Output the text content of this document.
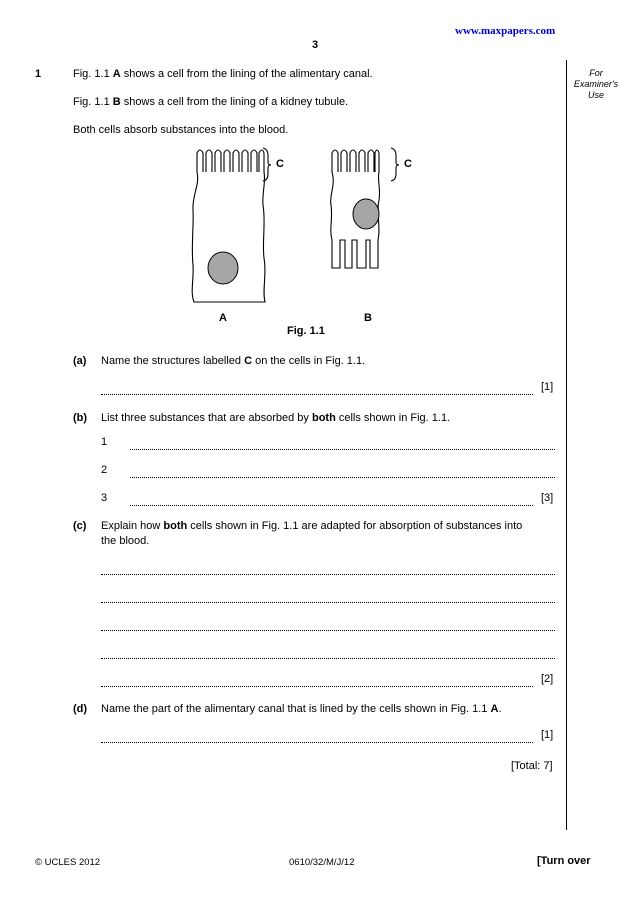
www.maxpapers.com
3
For
Examiner's
Use
1	Fig. 1.1 A shows a cell from the lining of the alimentary canal.
Fig. 1.1 B shows a cell from the lining of a kidney tubule.
Both cells absorb substances into the blood.
C	C
A	B
Fig. 1.1
(a) Name the structures labelled C on the cells in Fig. 1.1.
[1]
(b) List three substances that are absorbed by both cells shown in Fig. 1.1.
1
2
3	[3]
(c) Explain how both cells shown in Fig. 1.1 are adapted for absorption of substances into
the blood.
[2]
(d) Name the part of the alimentary canal that is lined by the cells shown in Fig. 1.1 A.
[1]
[Total: 7]
© UCLES 2012	0610/32/M/J/12	[Turn over
